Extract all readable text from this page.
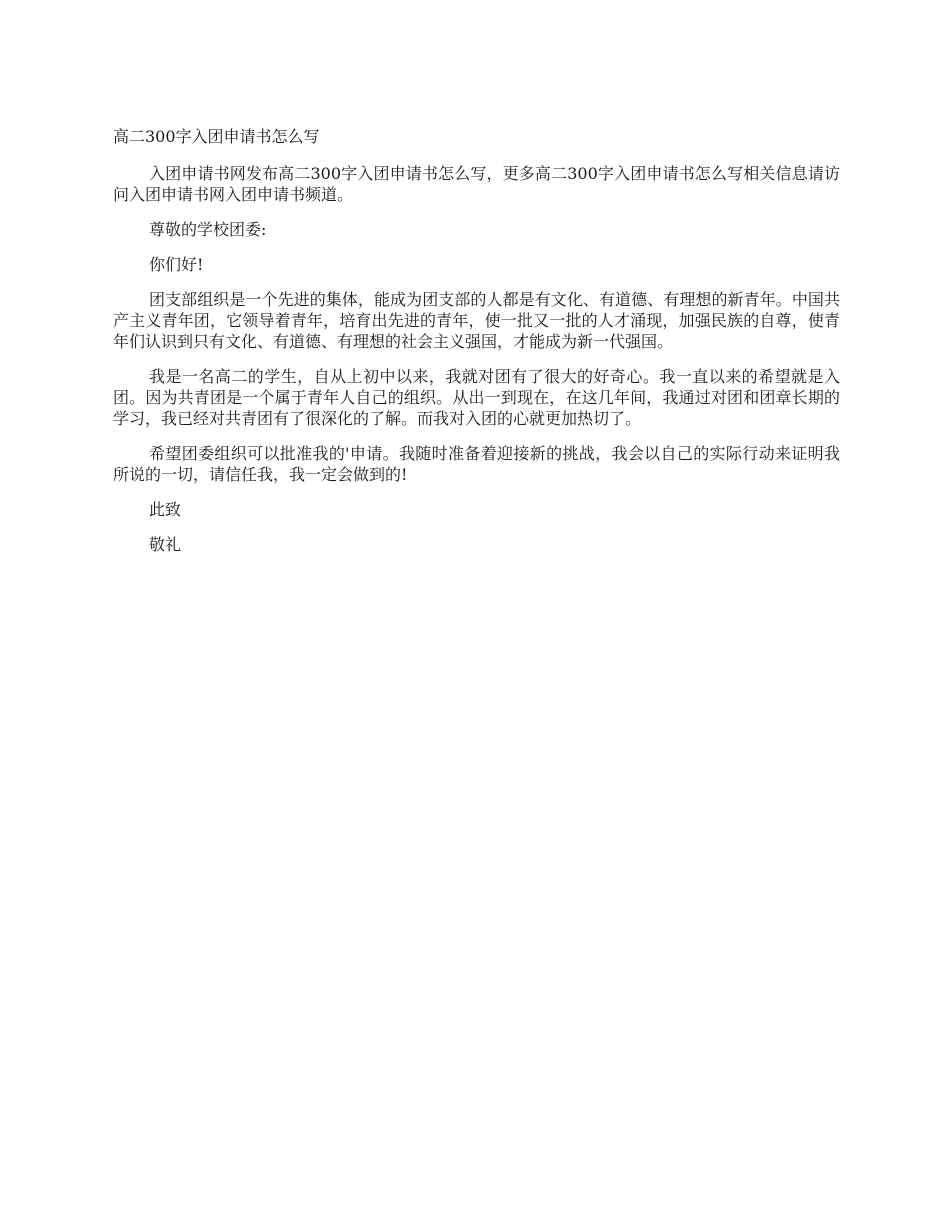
高二300字入团申请书怎么写

入团申请书网发布高二300字入团申请书怎么写，更多高二300字入团申请书怎么写相关信息请访问入团申请书网入团申请书频道。

尊敬的学校团委:

你们好!

团支部组织是一个先进的集体，能成为团支部的人都是有文化、有道德、有理想的新青年。中国共产主义青年团，它领导着青年，培育出先进的青年，使一批又一批的人才涌现，加强民族的自尊，使青年们认识到只有文化、有道德、有理想的社会主义强国，才能成为新一代强国。

我是一名高二的学生，自从上初中以来，我就对团有了很大的好奇心。我一直以来的希望就是入团。因为共青团是一个属于青年人自己的组织。从出一到现在，在这几年间，我通过对团和团章长期的学习，我已经对共青团有了很深化的了解。而我对入团的心就更加热切了。

希望团委组织可以批准我的'申请。我随时准备着迎接新的挑战，我会以自己的实际行动来证明我所说的一切，请信任我，我一定会做到的!

此致

敬礼
